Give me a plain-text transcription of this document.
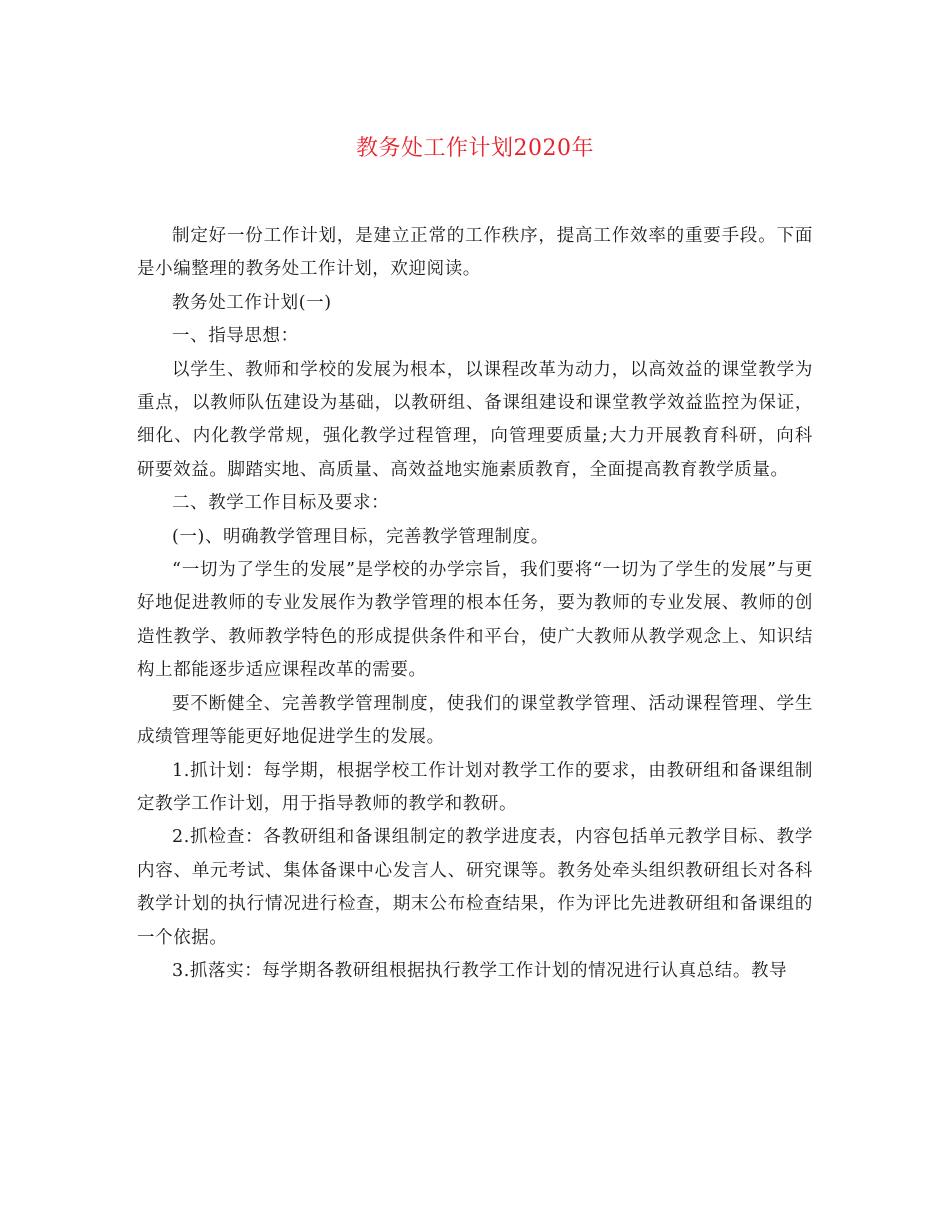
教务处工作计划2020年

制定好一份工作计划，是建立正常的工作秩序，提高工作效率的重要手段。下面是小编整理的教务处工作计划，欢迎阅读。

教务处工作计划(一)

一、指导思想：

以学生、教师和学校的发展为根本，以课程改革为动力，以高效益的课堂教学为重点，以教师队伍建设为基础，以教研组、备课组建设和课堂教学效益监控为保证，细化、内化教学常规，强化教学过程管理，向管理要质量;大力开展教育科研，向科研要效益。脚踏实地、高质量、高效益地实施素质教育，全面提高教育教学质量。

二、教学工作目标及要求：

(一)、明确教学管理目标，完善教学管理制度。

“一切为了学生的发展”是学校的办学宗旨，我们要将“一切为了学生的发展”与更好地促进教师的专业发展作为教学管理的根本任务，要为教师的专业发展、教师的创造性教学、教师教学特色的形成提供条件和平台，使广大教师从教学观念上、知识结构上都能逐步适应课程改革的需要。

要不断健全、完善教学管理制度，使我们的课堂教学管理、活动课程管理、学生成绩管理等能更好地促进学生的发展。

1.抓计划：每学期，根据学校工作计划对教学工作的要求，由教研组和备课组制定教学工作计划，用于指导教师的教学和教研。

2.抓检查：各教研组和备课组制定的教学进度表，内容包括单元教学目标、教学内容、单元考试、集体备课中心发言人、研究课等。教务处牵头组织教研组长对各科教学计划的执行情况进行检查，期末公布检查结果，作为评比先进教研组和备课组的一个依据。

3.抓落实：每学期各教研组根据执行教学工作计划的情况进行认真总结。教导
